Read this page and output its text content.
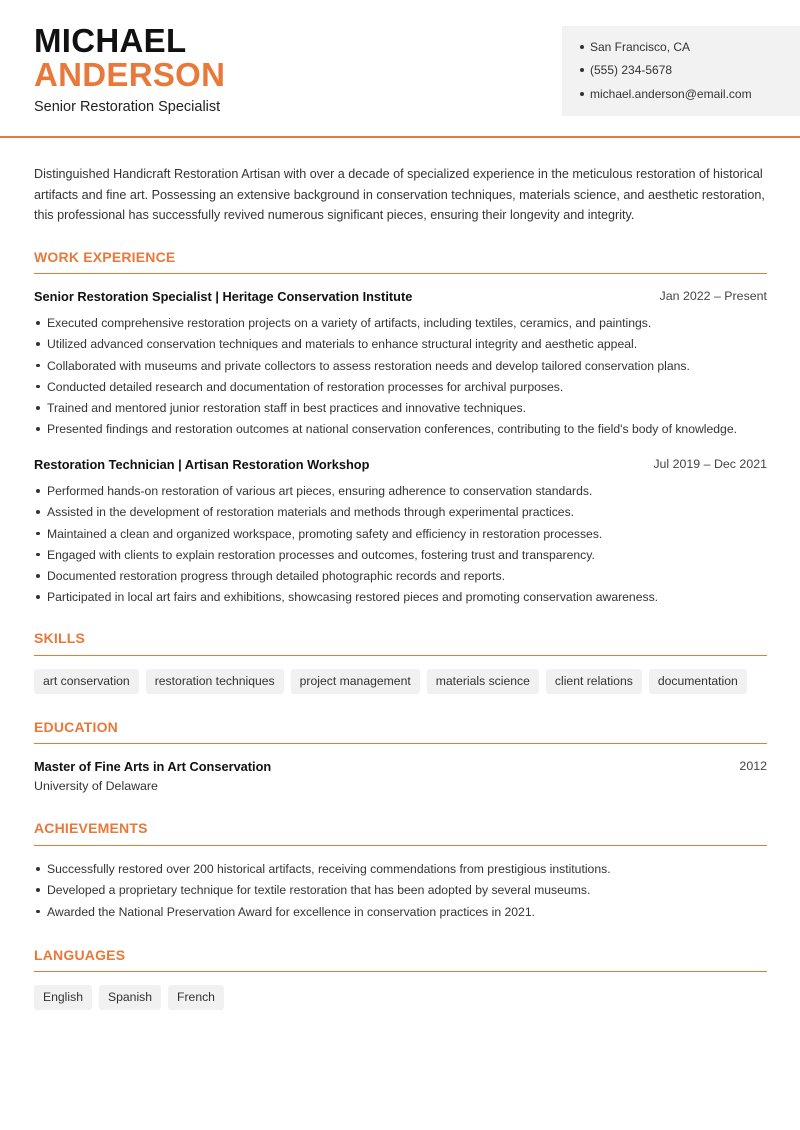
MICHAEL
ANDERSON
Senior Restoration Specialist
San Francisco, CA
(555) 234-5678
michael.anderson@email.com

Distinguished Handicraft Restoration Artisan with over a decade of specialized experience in the meticulous restoration of historical artifacts and fine art. Possessing an extensive background in conservation techniques, materials science, and aesthetic restoration, this professional has successfully revived numerous significant pieces, ensuring their longevity and integrity.

WORK EXPERIENCE
Senior Restoration Specialist | Heritage Conservation Institute	Jan 2022 – Present
Executed comprehensive restoration projects on a variety of artifacts, including textiles, ceramics, and paintings.
Utilized advanced conservation techniques and materials to enhance structural integrity and aesthetic appeal.
Collaborated with museums and private collectors to assess restoration needs and develop tailored conservation plans.
Conducted detailed research and documentation of restoration processes for archival purposes.
Trained and mentored junior restoration staff in best practices and innovative techniques.
Presented findings and restoration outcomes at national conservation conferences, contributing to the field's body of knowledge.
Restoration Technician | Artisan Restoration Workshop	Jul 2019 – Dec 2021
Performed hands-on restoration of various art pieces, ensuring adherence to conservation standards.
Assisted in the development of restoration materials and methods through experimental practices.
Maintained a clean and organized workspace, promoting safety and efficiency in restoration processes.
Engaged with clients to explain restoration processes and outcomes, fostering trust and transparency.
Documented restoration progress through detailed photographic records and reports.
Participated in local art fairs and exhibitions, showcasing restored pieces and promoting conservation awareness.
SKILLS
art conservation	restoration techniques	project management	materials science	client relations	documentation
EDUCATION
Master of Fine Arts in Art Conservation	2012
University of Delaware
ACHIEVEMENTS
Successfully restored over 200 historical artifacts, receiving commendations from prestigious institutions.
Developed a proprietary technique for textile restoration that has been adopted by several museums.
Awarded the National Preservation Award for excellence in conservation practices in 2021.
LANGUAGES
English	Spanish	French
